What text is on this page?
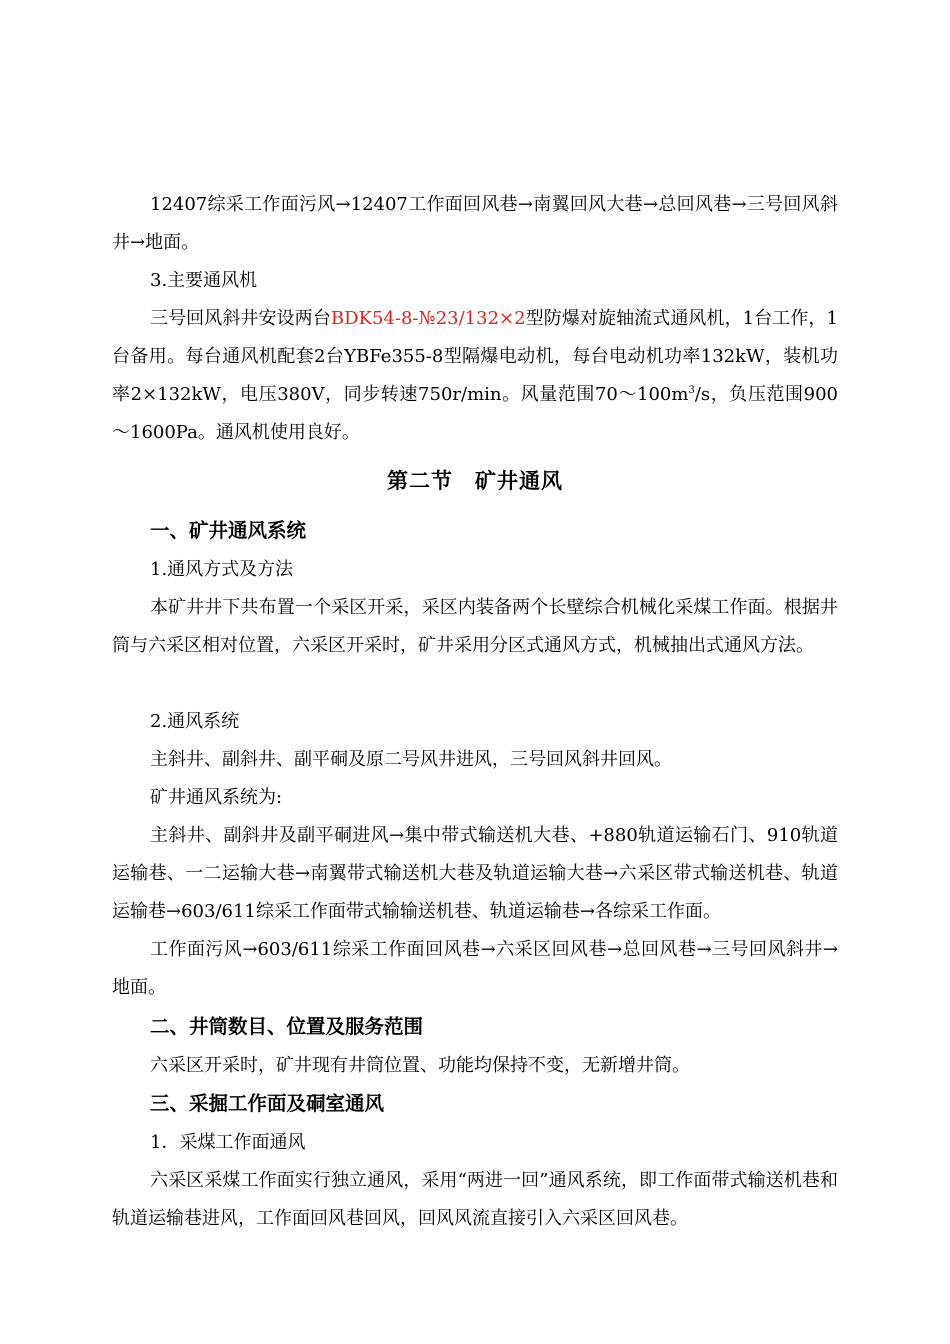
12407综采工作面污风→12407工作面回风巷→南翼回风大巷→总回风巷→三号回风斜井→地面。

3.主要通风机

三号回风斜井安设两台BDK54-8-№23/132×2型防爆对旋轴流式通风机，1台工作，1台备用。每台通风机配套2台YBFe355-8型隔爆电动机，每台电动机功率132kW，装机功率2×132kW，电压380V，同步转速750r/min。风量范围$70\sim 100m^3/s$，负压范围900～1600Pa。通风机使用良好。

第二节　矿井通风
一、矿井通风系统

1.通风方式及方法

本矿井井下共布置一个采区开采，采区内装备两个长壁综合机械化采煤工作面。根据井筒与六采区相对位置，六采区开采时，矿井采用分区式通风方式，机械抽出式通风方法。

2.通风系统

主斜井、副斜井、副平硐及原二号风井进风，三号回风斜井回风。

矿井通风系统为:

主斜井、副斜井及副平硐进风→集中带式输送机大巷、+880轨道运输石门、910轨道运输巷、一二运输大巷→南翼带式输送机大巷及轨道运输大巷→六采区带式输送机巷、轨道运输巷→603/611综采工作面带式输输送机巷、轨道运输巷→各综采工作面。

工作面污风→603/611综采工作面回风巷→六采区回风巷→总回风巷→三号回风斜井→地面。

二、井筒数目、位置及服务范围

六采区开采时，矿井现有井筒位置、功能均保持不变，无新增井筒。

三、采掘工作面及硐室通风

1．采煤工作面通风

六采区采煤工作面实行独立通风，采用“两进一回”通风系统，即工作面带式输送机巷和轨道运输巷进风，工作面回风巷回风，回风风流直接引入六采区回风巷。
